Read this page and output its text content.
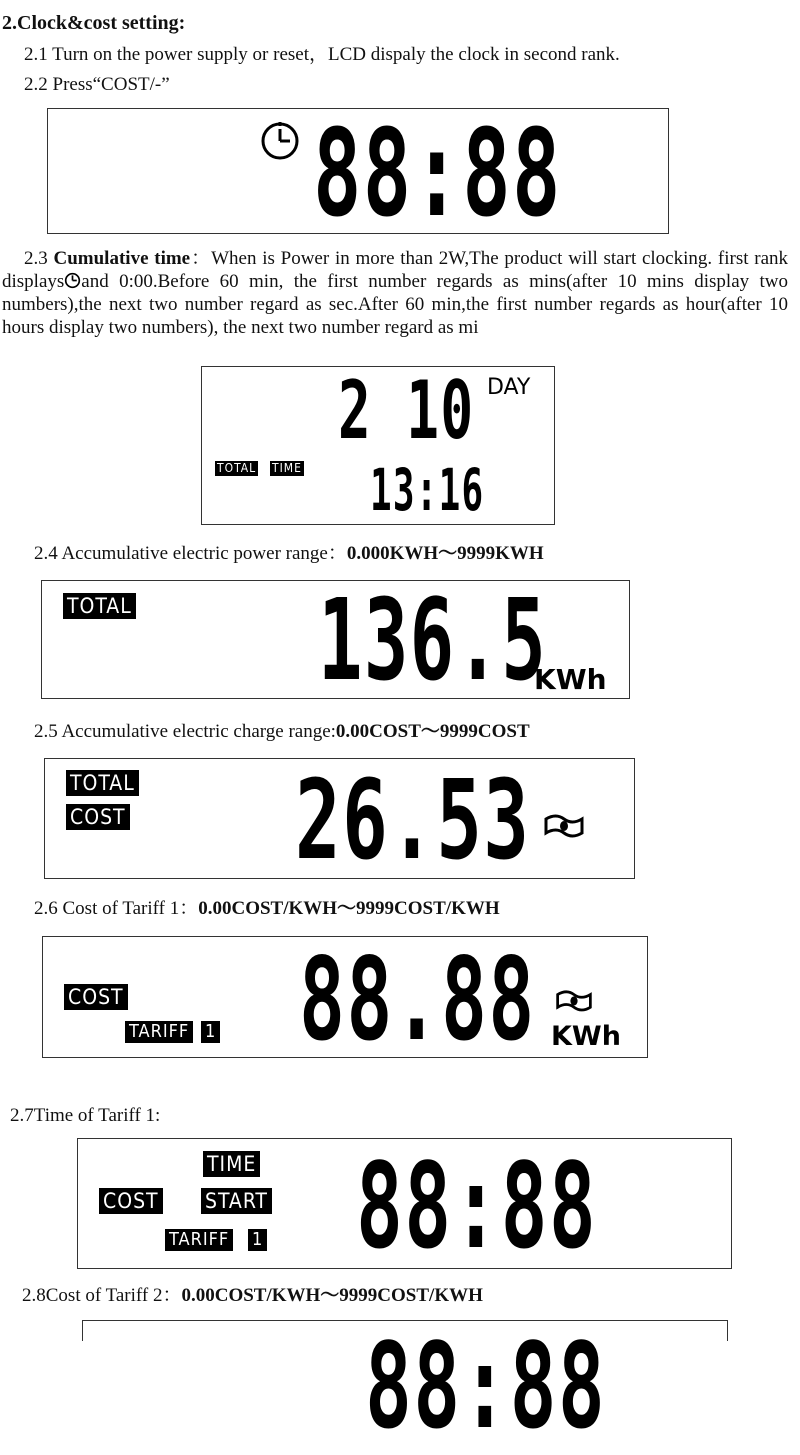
2.Clock&cost setting:
2.1 Turn on the power supply or reset，LCD dispaly the clock in second rank.
2.2 Press“COST/-”
88:88
2.3 Cumulative time：When is Power in more than 2W,The product will start clocking. first rank displays and 0:00.Before 60 min, the first number regards as mins(after 10 mins display two numbers),the next two number regard as sec.After 60 min,the first number regards as hour(after 10 hours display two numbers), the next two number regard as mi
2 10 DAY
TOTAL TIME 13:16
2.4 Accumulative electric power range：0.000KWH～9999KWH
TOTAL 136.5
KWh
2.5 Accumulative electric charge range:0.00COST～9999COST
TOTAL
COST 26.53
2.6 Cost of Tariff 1：0.00COST/KWH～9999COST/KWH
COST
TARIFF 1 88.88 KWh
2.7Time of Tariff 1:
TIME
COST START
TARIFF 1 88:88
2.8Cost of Tariff 2：0.00COST/KWH～9999COST/KWH
88:88
